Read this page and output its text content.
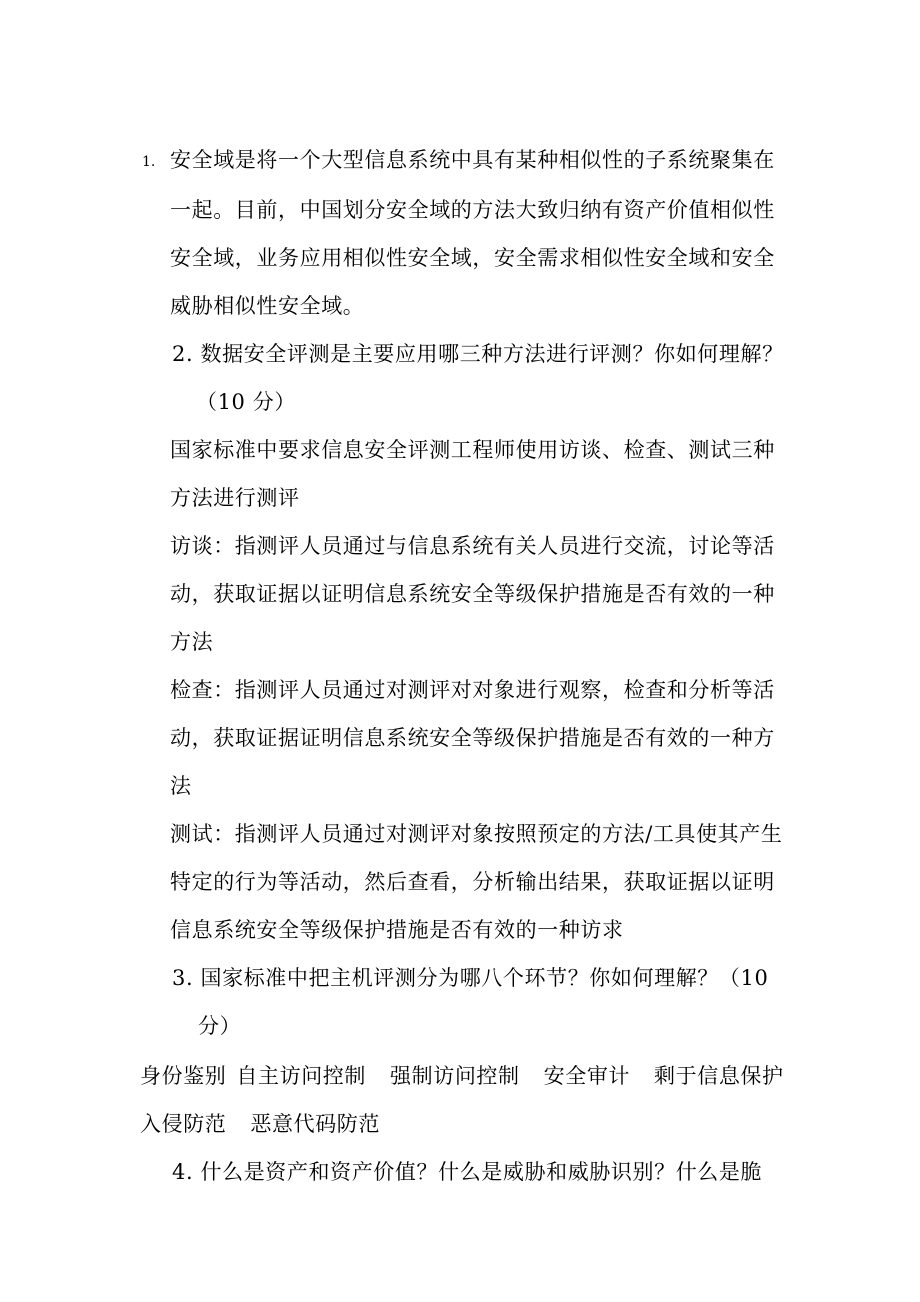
1. 安全域是将一个大型信息系统中具有某种相似性的子系统聚集在
一起。目前，中国划分安全域的方法大致归纳有资产价值相似性
安全域，业务应用相似性安全域，安全需求相似性安全域和安全
威胁相似性安全域。
2. 数据安全评测是主要应用哪三种方法进行评测？你如何理解？
（10 分）
国家标准中要求信息安全评测工程师使用访谈、检查、测试三种
方法进行测评
访谈：指测评人员通过与信息系统有关人员进行交流，讨论等活
动，获取证据以证明信息系统安全等级保护措施是否有效的一种
方法
检查：指测评人员通过对测评对对象进行观察，检查和分析等活
动，获取证据证明信息系统安全等级保护措施是否有效的一种方
法
测试：指测评人员通过对测评对象按照预定的方法/工具使其产生
特定的行为等活动，然后查看，分析输出结果，获取证据以证明
信息系统安全等级保护措施是否有效的一种访求
3. 国家标准中把主机评测分为哪八个环节？你如何理解？（10
分）
身份鉴别 自主访问控制 强制访问控制 安全审计 剩于信息保护
入侵防范 恶意代码防范
4. 什么是资产和资产价值？什么是威胁和威胁识别？什么是脆
